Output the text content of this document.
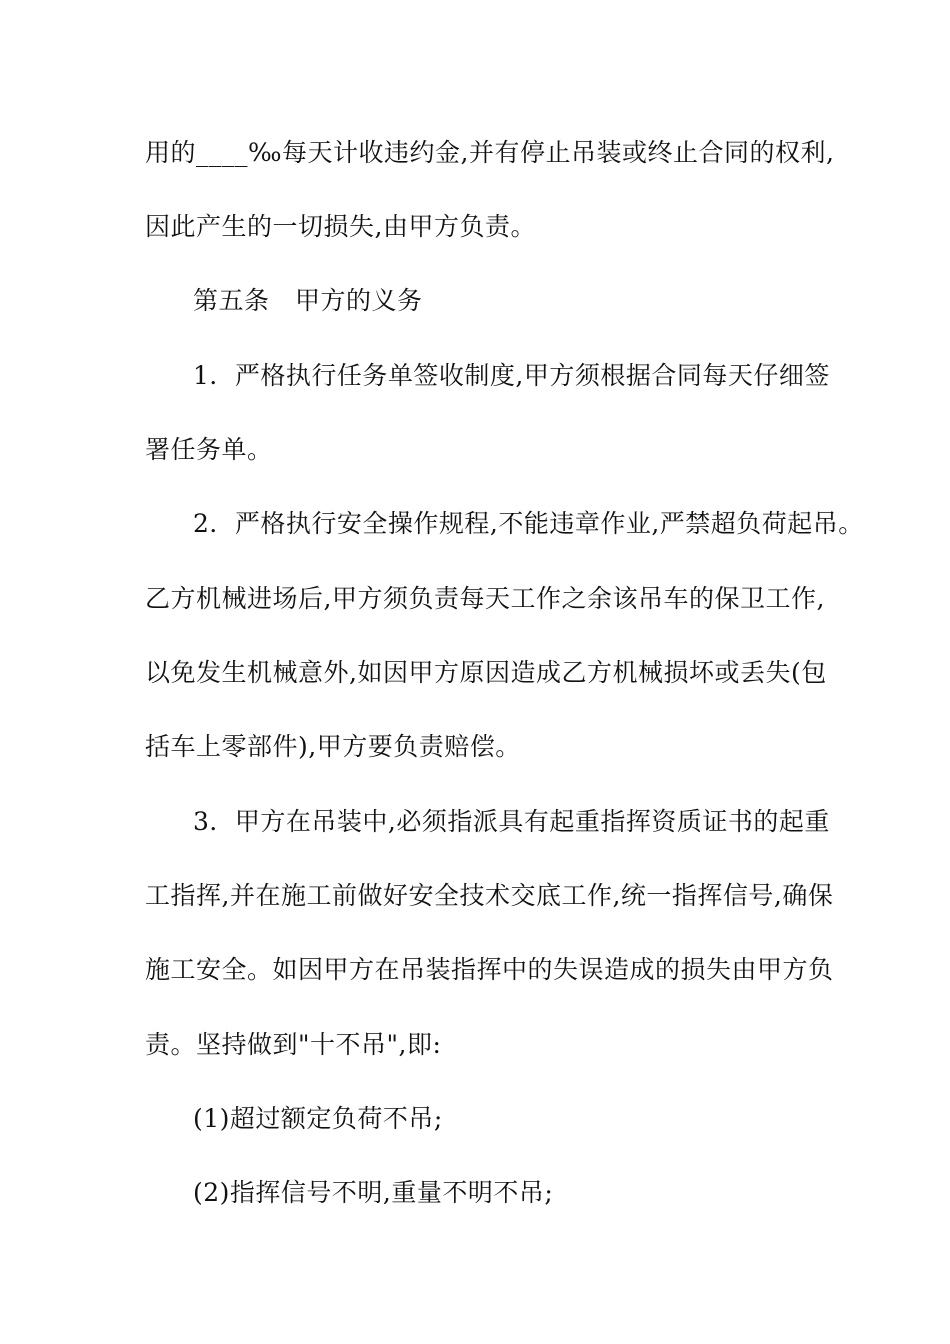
用的____‰每天计收违约金,并有停止吊装或终止合同的权利,
因此产生的一切损失,由甲方负责。
第五条　甲方的义务
1．严格执行任务单签收制度,甲方须根据合同每天仔细签
署任务单。
2．严格执行安全操作规程,不能违章作业,严禁超负荷起吊。
乙方机械进场后,甲方须负责每天工作之余该吊车的保卫工作,
以免发生机械意外,如因甲方原因造成乙方机械损坏或丢失(包
括车上零部件),甲方要负责赔偿。
3．甲方在吊装中,必须指派具有起重指挥资质证书的起重
工指挥,并在施工前做好安全技术交底工作,统一指挥信号,确保
施工安全。如因甲方在吊装指挥中的失误造成的损失由甲方负
责。坚持做到"十不吊",即:
(1)超过额定负荷不吊;
(2)指挥信号不明,重量不明不吊;
